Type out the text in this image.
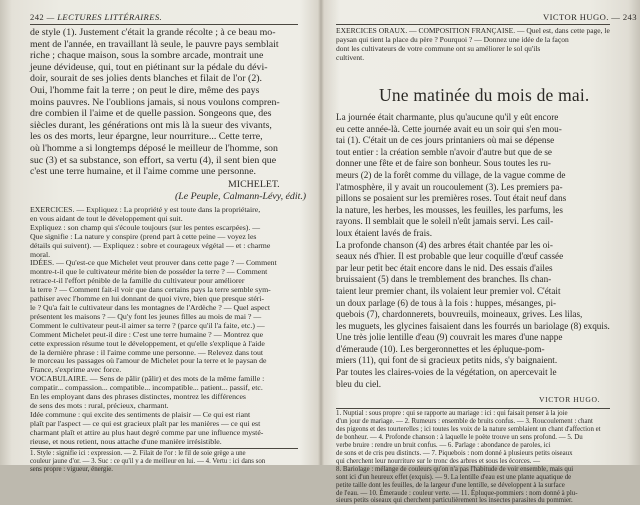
242 — LECTURES LITTÉRAIRES.
de style (1). Justement c'était la grande récolte ; à ce beau mo-
ment de l'année, en travaillant là seule, le pauvre pays semblait
riche ; chaque maison, sous la sombre arcade, montrait une
jeune dévideuse, qui, tout en piétinant sur la pédale du dévi-
doir, sourait de ses jolies dents blanches et filait de l'or (2).
Oui, l'homme fait la terre ; on peut le dire, même des pays
moins pauvres. Ne l'oublions jamais, si nous voulons compren-
dre combien il l'aime et de quelle passion. Songeons que, des
siècles durant, les générations ont mis là la sueur des vivants,
les os des morts, leur épargne, leur nourriture... Cette terre,
où l'homme a si longtemps déposé le meilleur de l'homme, son
suc (3) et sa substance, son effort, sa vertu (4), il sent bien que
c'est une terre humaine, et il l'aime comme une personne.
MICHELET.
(Le Peuple, Calmann-Lévy, édit.)
EXERCICES. — Expliquez : La propriété y est toute dans la propriétaire,
en vous aidant de tout le développement qui suit.
Expliquez : son champ qui s'écoule toujours (sur les pentes escarpées). —
Que signifie : La nature y conspire (prend part à cette peine — voyez les
détails qui suivent). — Expliquez : sobre et courageux végétal — et : charme
moral.
IDÉES. — Qu'est-ce que Michelet veut prouver dans cette page ? — Comment
montre-t-il que le cultivateur mérite bien de posséder la terre ? — Comment
retrace-t-il l'effort pénible de la famille du cultivateur pour améliorer
la terre ? — Comment fait-il voir que dans certains pays la terre semble sym-
pathiser avec l'homme en lui donnant de quoi vivre, bien que presque stéri-
le ? Qu'a fait le cultivateur dans les montagnes de l'Ardèche ? — Quel aspect
présentent les maisons ? — Qu'y font les jeunes filles au mois de mai ? —
Comment le cultivateur peut-il aimer sa terre ? (parce qu'il l'a faite, etc.) —
Comment Michelet peut-il dire : C'est une terre humaine ? — Montrez que
cette expression résume tout le développement, et qu'elle s'explique à l'aide
de la dernière phrase : il l'aime comme une personne. — Relevez dans tout
le morceau les passages où l'amour de Michelet pour la terre et le paysan de
France, s'exprime avec force.
VOCABULAIRE. — Sens de pâlir (pâlir) et des mots de la même famille :
compatir... compassion... compatible... incompatible... patient... passif, etc.
En les employant dans des phrases distinctes, montrez les différences
de sens des mots : rural, précieux, charmant.
Idée commune : qui excite des sentiments de plaisir — Ce qui est riant
plaît par l'aspect — ce qui est gracieux plaît par les manières — ce qui est
charmant plaît et attire au plus haut degré comme par une influence mysté-
rieuse, et nous retient, nous attache d'une manière irrésistible.
1. Style : signifie ici : expression. — 2. Filait de l'or : le fil de soie grège a une
couleur jaune d'or. — 3. Suc : ce qu'il y a de meilleur en lui. — 4. Vertu : ici dans son
sens propre : vigueur, énergie.
VICTOR HUGO. — 243
EXERCICES ORAUX. — COMPOSITION FRANÇAISE. — Quel est, dans cette page, le
paysan qui tient la place du père ? Pourquoi ? — Donnez une idée de la façon
dont les cultivateurs de votre commune ont su améliorer le sol qu'ils
cultivent.
Une matinée du mois de mai.
La journée était charmante, plus qu'aucune qu'il y eût encore
eu cette année-là. Cette journée avait eu un soir qui s'en mou-
tai (1). C'était un de ces jours printaniers où mai se dépense
tout entier : la création semble n'avoir d'autre but que de se
donner une fête et de faire son bonheur. Sous toutes les ru-
meurs (2) de la forêt comme du village, de la vague comme de
l'atmosphère, il y avait un roucoulement (3). Les premiers pa-
pillons se posaient sur les premières roses. Tout était neuf dans
la nature, les herbes, les mousses, les feuilles, les parfums, les
rayons. Il semblait que le soleil n'eût jamais servi. Les cail-
loux étaient lavés de frais.
La profonde chanson (4) des arbres était chantée par les oi-
seaux nés d'hier. Il est probable que leur coquille d'œuf cassée
par leur petit bec était encore dans le nid. Des essais d'ailes
bruissaient (5) dans le tremblement des branches. Ils chan-
taient leur premier chant, ils volaient leur premier vol. C'était
un doux parlage (6) de tous à la fois : huppes, mésanges, pi-
quebois (7), chardonnerets, bouvreuils, moineaux, grives. Les lilas,
les muguets, les glycines faisaient dans les fourrés un bariolage (8) exquis.
Une très jolie lentille d'eau (9) couvrait les mares d'une nappe
d'émeraude (10). Les bergeronnettes et les épluque-pom-
miers (11), qui font de si gracieux petits nids, s'y baignaient.
Par toutes les claires-voies de la végétation, on apercevait le
bleu du ciel.
VICTOR HUGO.
1. Nuptial : sous propre : qui se rapporte au mariage : ici : qui faisait penser à la joie
d'un jour de mariage. — 2. Rumeurs : ensemble de bruits confus. — 3. Roucoulement : chant
des pigeons et des tourterelles ; ici toutes les voix de la nature semblaient un chant d'affection et
de bonheur. — 4. Profonde chanson : à laquelle le poète trouve un sens profond. — 5. Du
verbe bruire : rendre un bruit confus. — 6. Parlage : abondance de paroles, ici
de sons et de cris peu distincts. — 7. Piquebois : nom donné à plusieurs petits oiseaux
qui cherchent leur nourriture sur le tronc des arbres et sous les écorces. —
8. Bariolage : mélange de couleurs qu'on n'a pas l'habitude de voir ensemble, mais qui
sont ici d'un heureux effet (exquis). — 9. La lentille d'eau est une plante aquatique de
petite taille dont les feuilles, de la largeur d'une lentille, se développent à la surface
de l'eau. — 10. Émeraude : couleur verte. — 11. Épluque-pommiers : nom donné à plu-
sieurs petits oiseaux qui cherchent particulièrement les insectes parasites du pommier.
